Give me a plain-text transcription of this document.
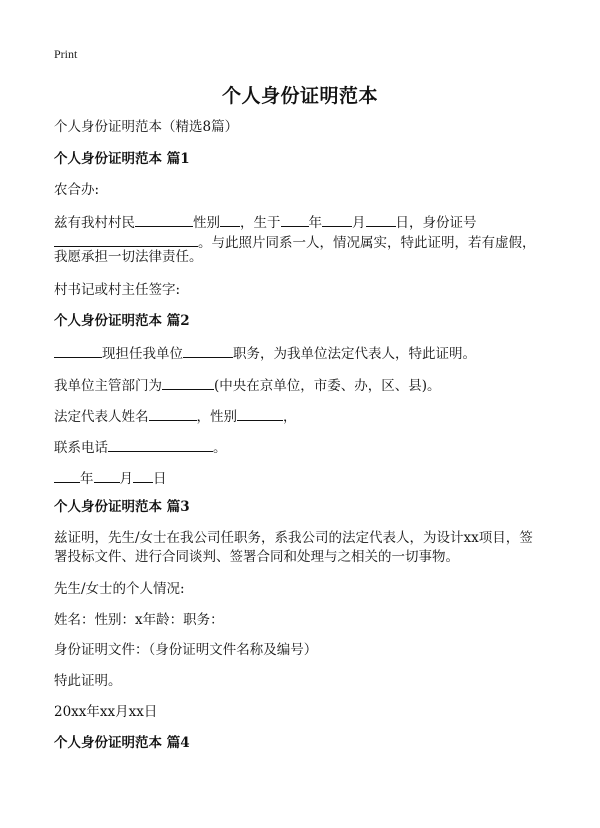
Print
个人身份证明范本
个人身份证明范本（精选8篇）
个人身份证明范本 篇1
农合办:
兹有我村村民	性别 ，生于 年 月 日，身份证号
。与此照片同系一人，情况属实，特此证明，若有虚假，
我愿承担一切法律责任。
村书记或村主任签字:
个人身份证明范本 篇2
现担任我单位	职务，为我单位法定代表人，特此证明。
我单位主管部门为	(中央在京单位，市委、办，区、县)。
法定代表人姓名	，性别	，
联系电话	。
年 月 日
个人身份证明范本 篇3
兹证明，先生/女士在我公司任职务，系我公司的法定代表人，为设计xx项目，签
署投标文件、进行合同谈判、签署合同和处理与之相关的一切事物。
先生/女士的个人情况:
姓名：性别：x年龄：职务：
身份证明文件：（身份证明文件名称及编号）
特此证明。
20xx年xx月xx日
个人身份证明范本 篇4
